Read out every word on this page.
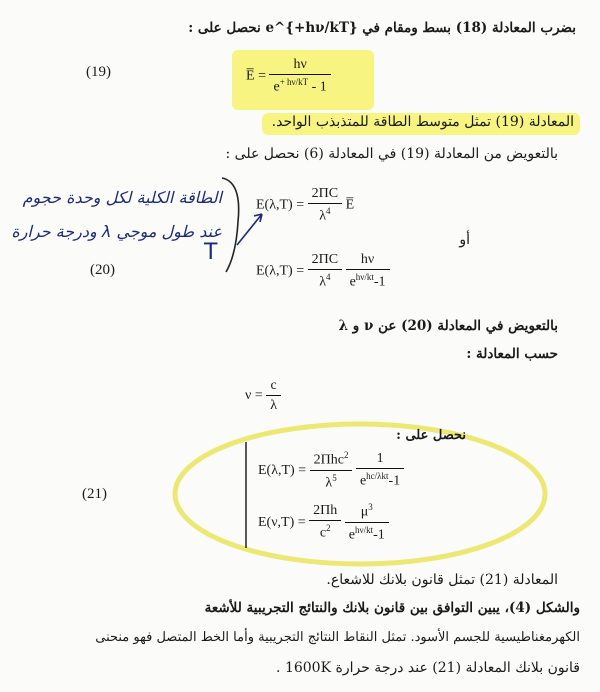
بضرب المعادلة (18) بسط ومقام في e^{+hν/kT} نحصل على :
(19)	E̅ = $\frac{h\nu}{e^{+ h\nu/kT} - 1}$
المعادلة (19) تمثل متوسط الطاقة للمتذبذب الواحد.
بالتعويض من المعادلة (19) في المعادلة (6) نحصل على :
الطاقة الكلية لكل وحدة حجوم
عند طول موجي λ ودرجة حرارة
T
$E(\lambda,T) = \frac{2\Pi C}{\lambda^4}$ E̅
أو
(20)	$E(\lambda,T) = \frac{2\Pi C}{\lambda^4}$
$\frac{h\nu}{e^{h\nu/kt}-1}$
بالتعويض في المعادلة (20) عن ν و λ
حسب المعادلة :
$\nu = \frac{c}{\lambda}$
نحصل على :
(21)
$E(\lambda,T) = \frac{2\Pi hc^2}{\lambda^5}$
$\frac{1}{e^{hc/\lambda kt}-1}$
$E(\nu,T) = \frac{2\Pi h}{c^2}$
$\frac{\mu^3}{e^{h\nu/kt}-1}$
المعادلة (21) تمثل قانون بلانك للاشعاع.
والشكل (4)، يبين التوافق بين قانون بلانك والنتائج التجريبية للأشعة
الكهرمغناطيسية للجسم الأسود. تمثل النقاط النتائج التجريبية وأما الخط المتصل فهو منحنى
قانون بلانك المعادلة (21) عند درجة حرارة 1600K .
